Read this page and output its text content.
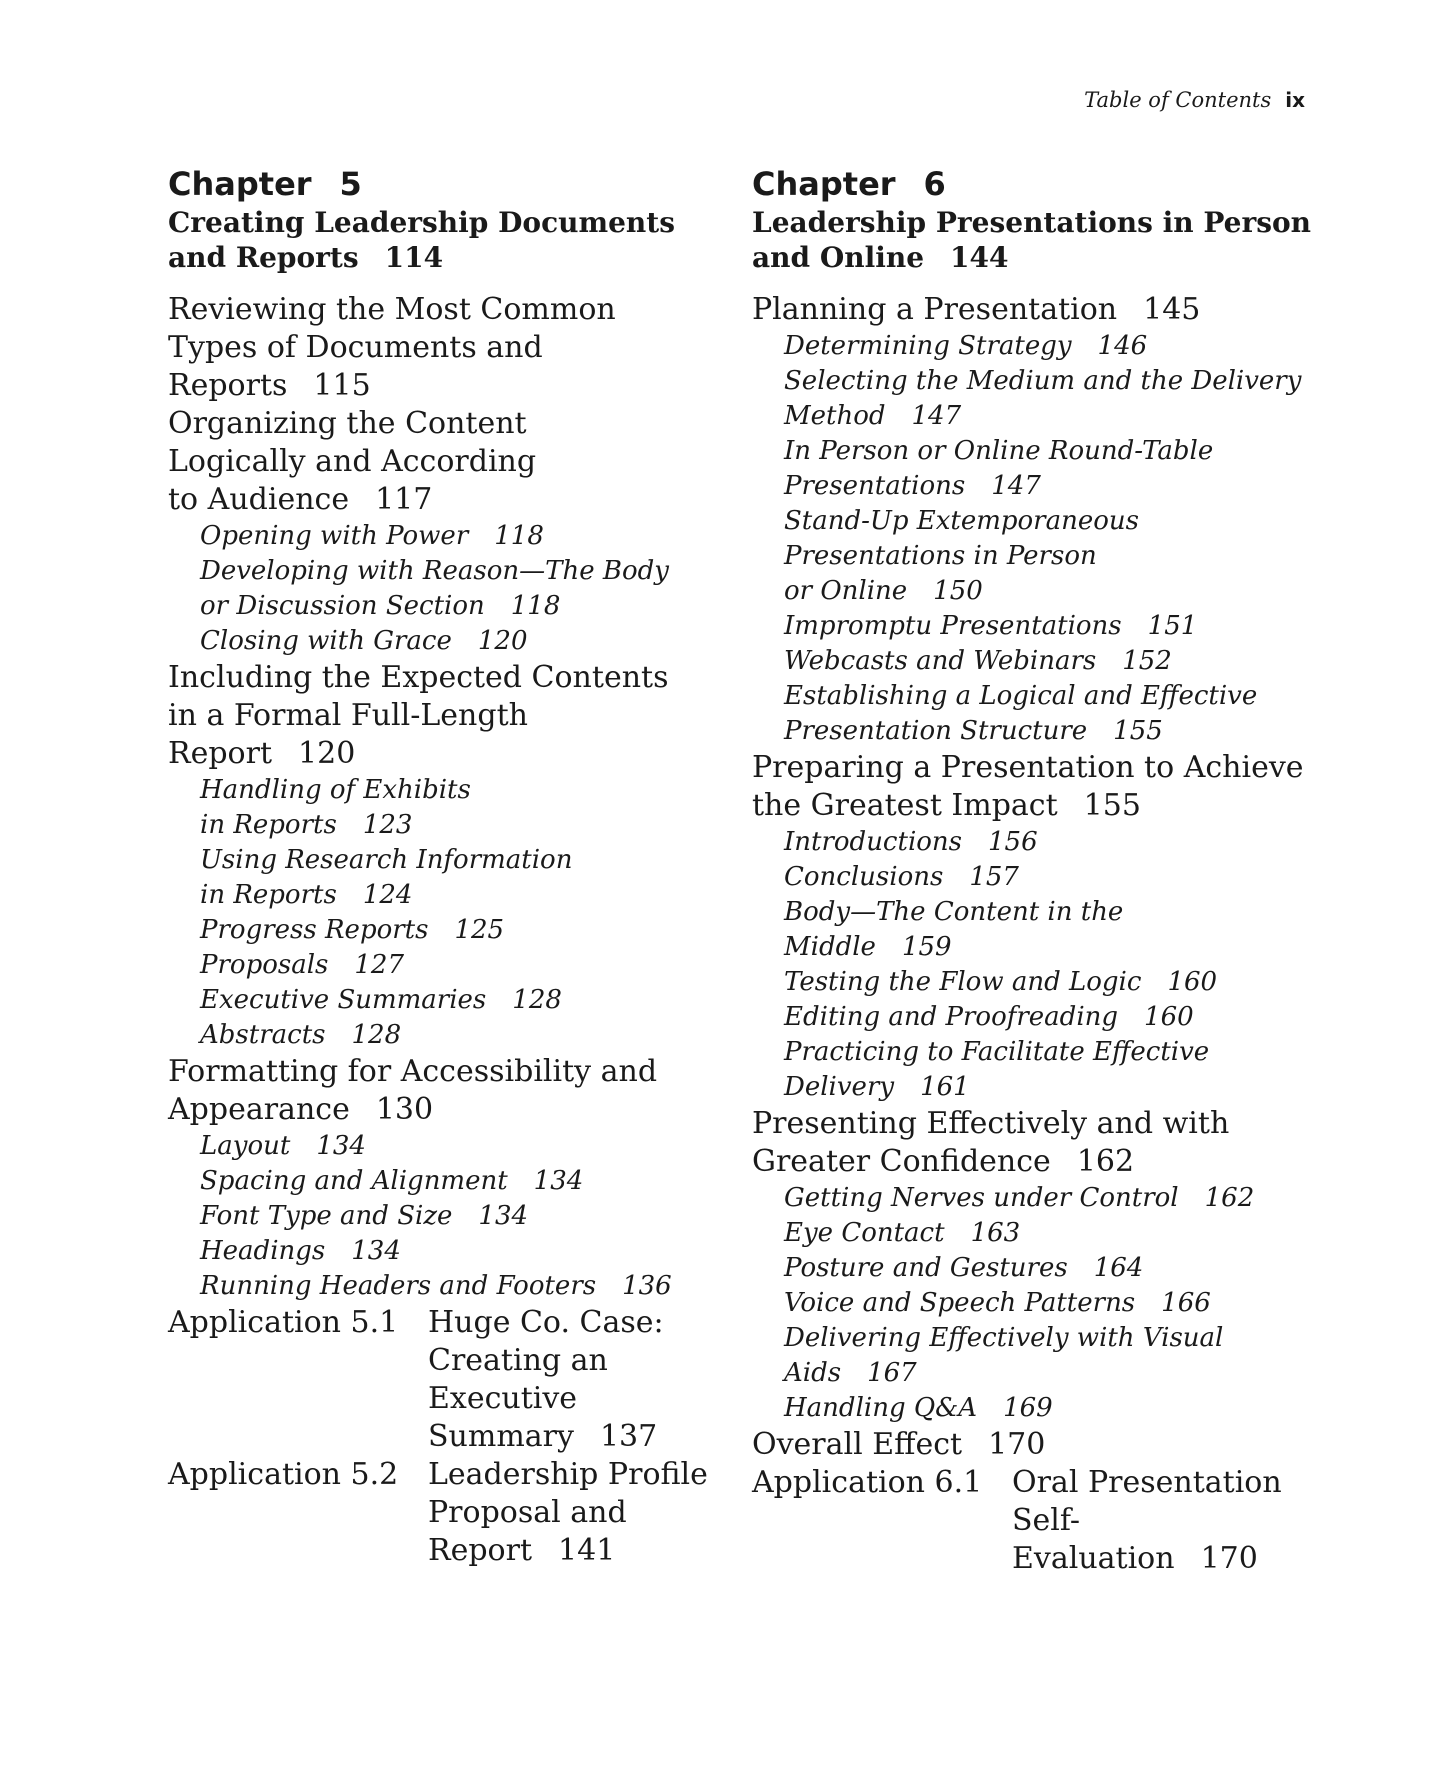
Table of Contents ix
Chapter 5
Creating Leadership Documents
and Reports 114
Reviewing the Most Common
Types of Documents and
Reports 115
Organizing the Content
Logically and According
to Audience 117
Opening with Power 118
Developing with Reason—The Body
or Discussion Section 118
Closing with Grace 120
Including the Expected Contents
in a Formal Full-Length
Report 120
Handling of Exhibits
in Reports 123
Using Research Information
in Reports 124
Progress Reports 125
Proposals 127
Executive Summaries 128
Abstracts 128
Formatting for Accessibility and
Appearance 130
Layout 134
Spacing and Alignment 134
Font Type and Size 134
Headings 134
Running Headers and Footers 136
Application 5.1 Huge Co. Case:
Creating an
Executive
Summary 137
Application 5.2 Leadership Profile
Proposal and
Report 141
Chapter 6
Leadership Presentations in Person
and Online 144
Planning a Presentation 145
Determining Strategy 146
Selecting the Medium and the Delivery
Method 147
In Person or Online Round-Table
Presentations 147
Stand-Up Extemporaneous
Presentations in Person
or Online 150
Impromptu Presentations 151
Webcasts and Webinars 152
Establishing a Logical and Effective
Presentation Structure 155
Preparing a Presentation to Achieve
the Greatest Impact 155
Introductions 156
Conclusions 157
Body—The Content in the
Middle 159
Testing the Flow and Logic 160
Editing and Proofreading 160
Practicing to Facilitate Effective
Delivery 161
Presenting Effectively and with
Greater Confidence 162
Getting Nerves under Control 162
Eye Contact 163
Posture and Gestures 164
Voice and Speech Patterns 166
Delivering Effectively with Visual
Aids 167
Handling Q&A 169
Overall Effect 170
Application 6.1 Oral Presentation
Self-Evaluation 170
